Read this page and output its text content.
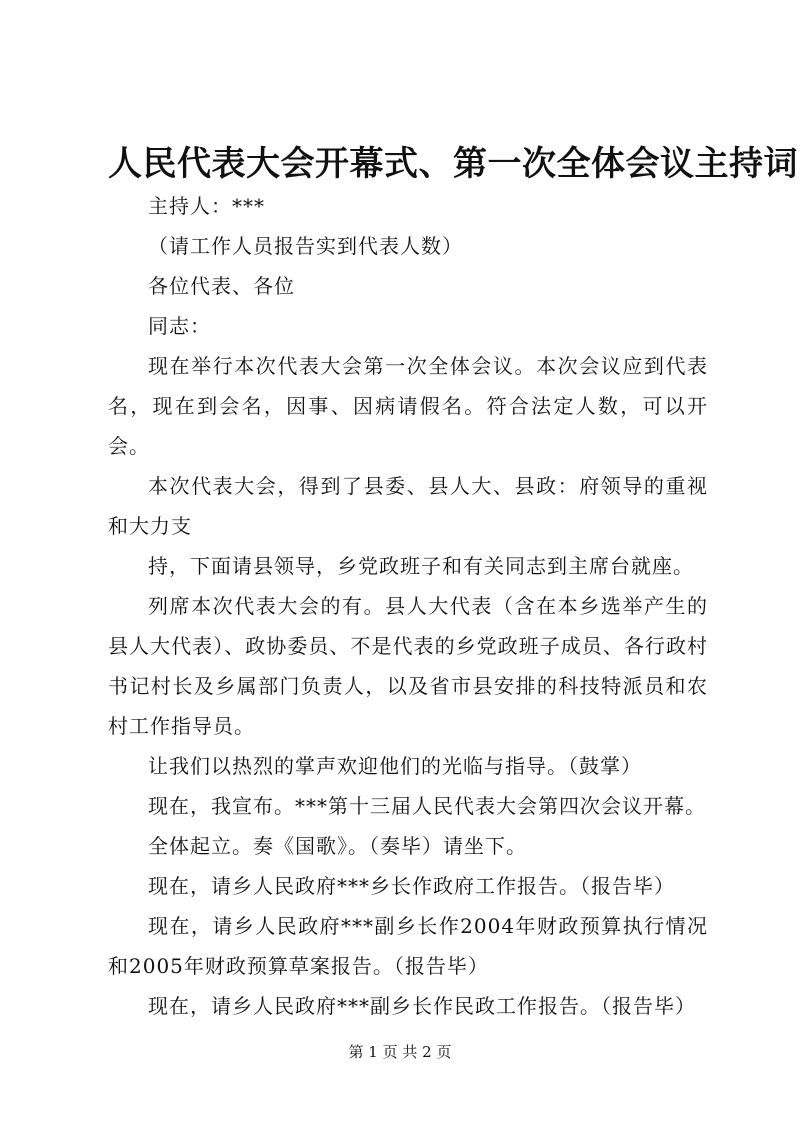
人民代表大会开幕式、第一次全体会议主持词

主持人：***

（请工作人员报告实到代表人数）

各位代表、各位

同志：

现在举行本次代表大会第一次全体会议。本次会议应到代表名，现在到会名，因事、因病请假名。符合法定人数，可以开会。

本次代表大会，得到了县委、县人大、县政：府领导的重视和大力支

持，下面请县领导，乡党政班子和有关同志到主席台就座。

列席本次代表大会的有。县人大代表（含在本乡选举产生的县人大代表）、政协委员、不是代表的乡党政班子成员、各行政村书记村长及乡属部门负责人，以及省市县安排的科技特派员和农村工作指导员。

让我们以热烈的掌声欢迎他们的光临与指导。（鼓掌）

现在，我宣布。***第十三届人民代表大会第四次会议开幕。

全体起立。奏《国歌》。（奏毕）请坐下。

现在，请乡人民政府***乡长作政府工作报告。（报告毕）

现在，请乡人民政府***副乡长作2004年财政预算执行情况和2005年财政预算草案报告。（报告毕）

现在，请乡人民政府***副乡长作民政工作报告。（报告毕）

第 1 页 共 2 页
